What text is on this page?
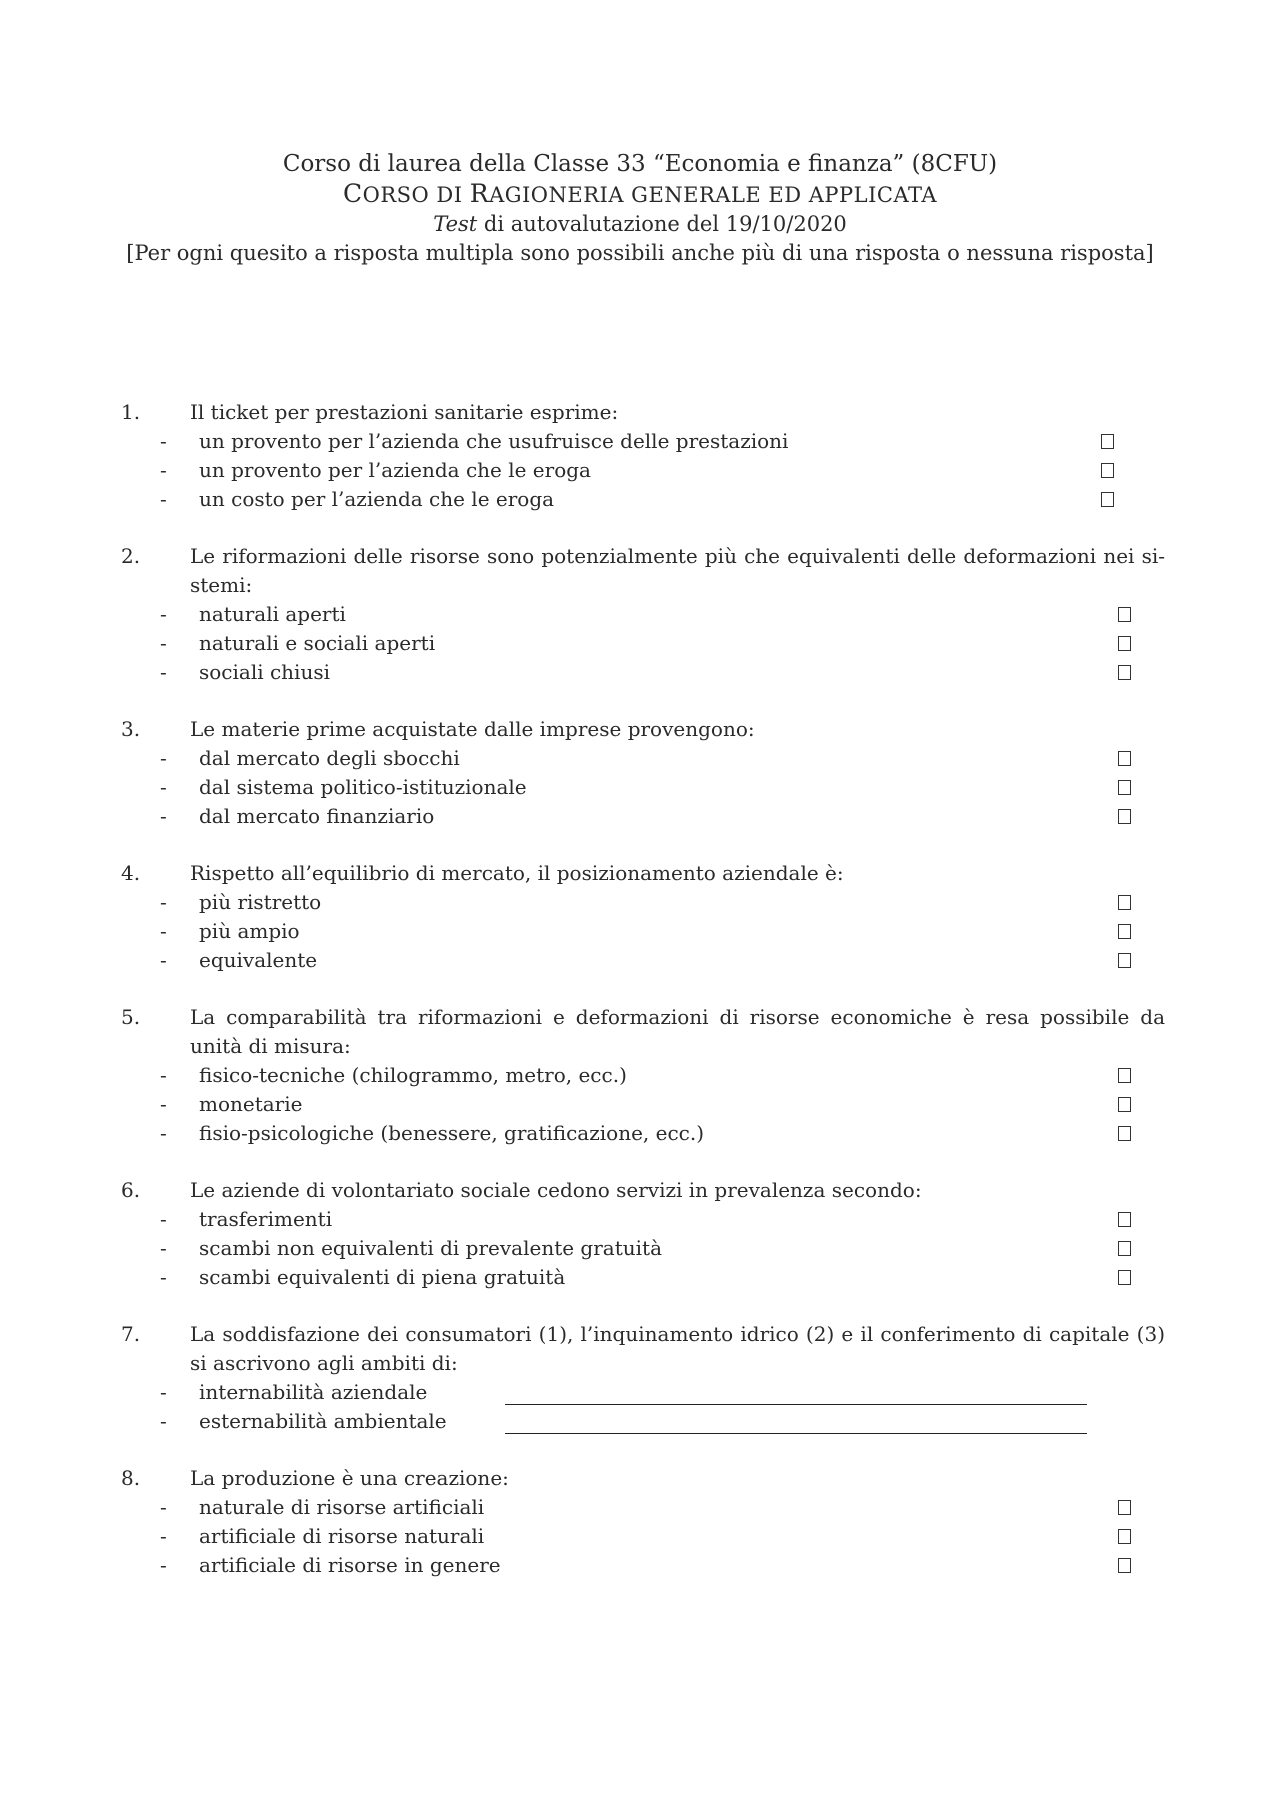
Corso di laurea della Classe 33 “Economia e finanza” (8CFU)
CORSO DI RAGIONERIA GENERALE ED APPLICATA
Test di autovalutazione del 19/10/2020
[Per ogni quesito a risposta multipla sono possibili anche più di una risposta o nessuna risposta]
1. Il ticket per prestazioni sanitarie esprime:
- un provento per l’azienda che usufruisce delle prestazioni
- un provento per l’azienda che le eroga
- un costo per l’azienda che le eroga
2. Le riformazioni delle risorse sono potenzialmente più che equivalenti delle deformazioni nei si-stemi:
- naturali aperti
- naturali e sociali aperti
- sociali chiusi
3. Le materie prime acquistate dalle imprese provengono:
- dal mercato degli sbocchi
- dal sistema politico-istituzionale
- dal mercato finanziario
4. Rispetto all’equilibrio di mercato, il posizionamento aziendale è:
- più ristretto
- più ampio
- equivalente
5. La comparabilità tra riformazioni e deformazioni di risorse economiche è resa possibile da unità di misura:
- fisico-tecniche (chilogrammo, metro, ecc.)
- monetarie
- fisio-psicologiche (benessere, gratificazione, ecc.)
6. Le aziende di volontariato sociale cedono servizi in prevalenza secondo:
- trasferimenti
- scambi non equivalenti di prevalente gratuità
- scambi equivalenti di piena gratuità
7. La soddisfazione dei consumatori (1), l’inquinamento idrico (2) e il conferimento di capitale (3) si ascrivono agli ambiti di:
- internabilità aziendale
- esternabilità ambientale
8. La produzione è una creazione:
- naturale di risorse artificiali
- artificiale di risorse naturali
- artificiale di risorse in genere
